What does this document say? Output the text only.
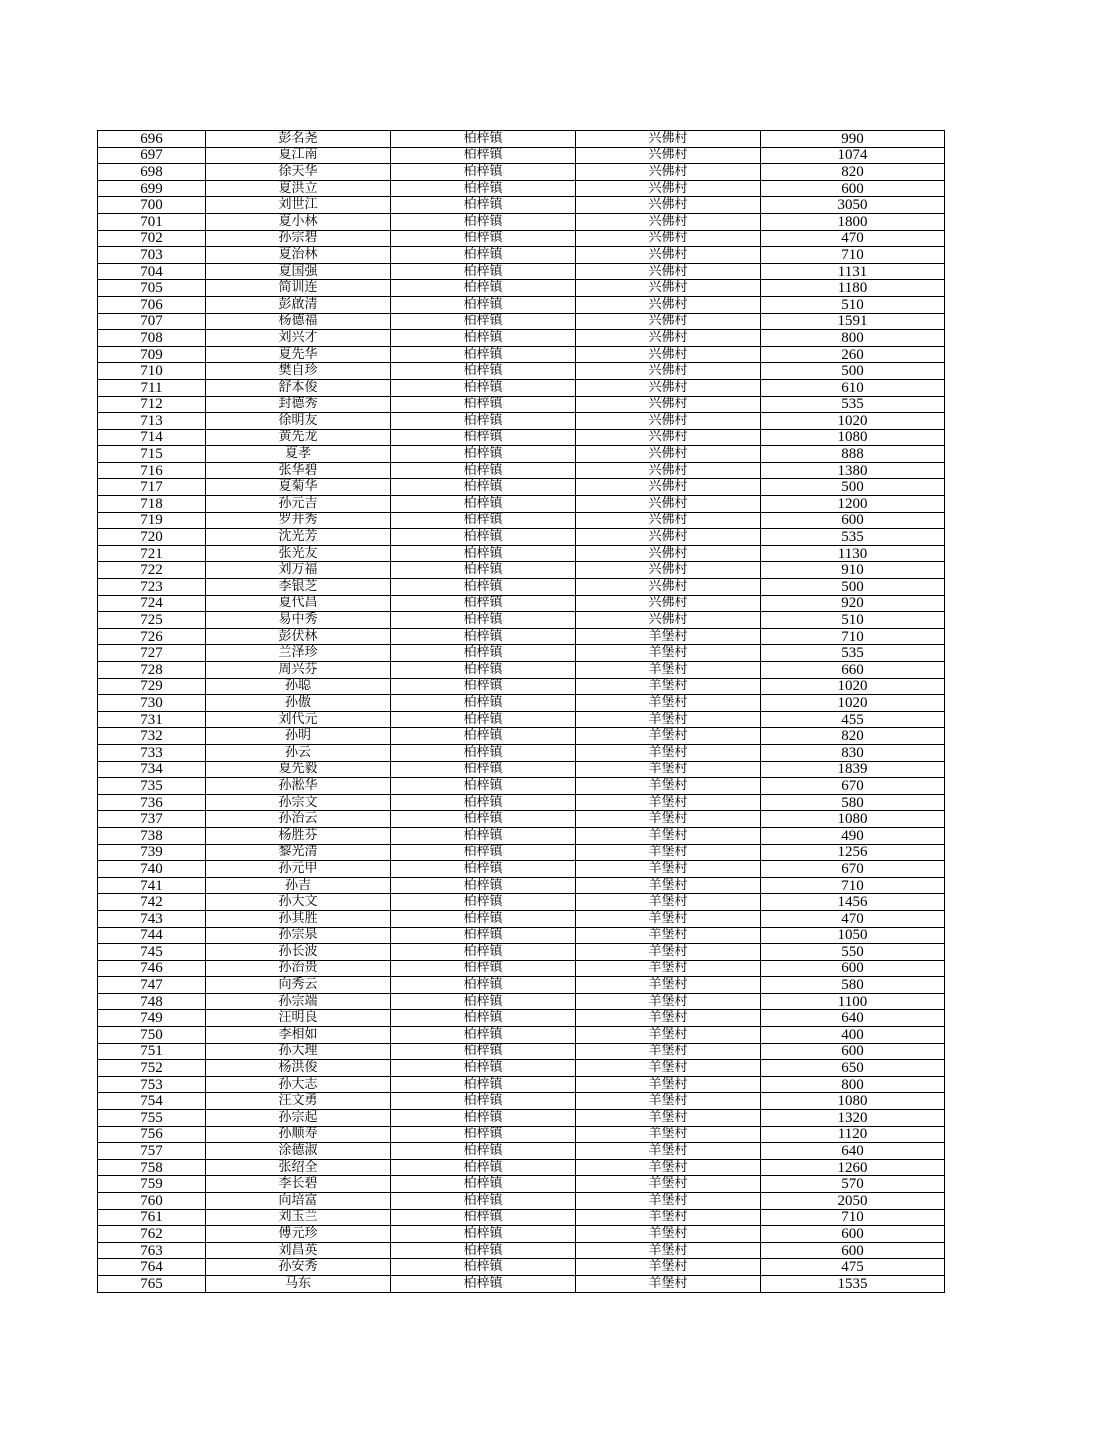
696	彭名尧	柏梓镇	兴佛村	990
697	夏江南	柏梓镇	兴佛村	1074
698	徐天华	柏梓镇	兴佛村	820
699	夏洪立	柏梓镇	兴佛村	600
700	刘世江	柏梓镇	兴佛村	3050
701	夏小林	柏梓镇	兴佛村	1800
702	孙宗碧	柏梓镇	兴佛村	470
703	夏治林	柏梓镇	兴佛村	710
704	夏国强	柏梓镇	兴佛村	1131
705	简训连	柏梓镇	兴佛村	1180
706	彭啟清	柏梓镇	兴佛村	510
707	杨德福	柏梓镇	兴佛村	1591
708	刘兴才	柏梓镇	兴佛村	800
709	夏先华	柏梓镇	兴佛村	260
710	樊自珍	柏梓镇	兴佛村	500
711	舒本俊	柏梓镇	兴佛村	610
712	封德秀	柏梓镇	兴佛村	535
713	徐明友	柏梓镇	兴佛村	1020
714	黄先龙	柏梓镇	兴佛村	1080
715	夏孝	柏梓镇	兴佛村	888
716	张华碧	柏梓镇	兴佛村	1380
717	夏菊华	柏梓镇	兴佛村	500
718	孙元吉	柏梓镇	兴佛村	1200
719	罗井秀	柏梓镇	兴佛村	600
720	沈光芳	柏梓镇	兴佛村	535
721	张光友	柏梓镇	兴佛村	1130
722	刘万福	柏梓镇	兴佛村	910
723	李银芝	柏梓镇	兴佛村	500
724	夏代昌	柏梓镇	兴佛村	920
725	易中秀	柏梓镇	兴佛村	510
726	彭伏林	柏梓镇	羊堡村	710
727	兰泽珍	柏梓镇	羊堡村	535
728	周兴芬	柏梓镇	羊堡村	660
729	孙聪	柏梓镇	羊堡村	1020
730	孙傲	柏梓镇	羊堡村	1020
731	刘代元	柏梓镇	羊堡村	455
732	孙明	柏梓镇	羊堡村	820
733	孙云	柏梓镇	羊堡村	830
734	夏先毅	柏梓镇	羊堡村	1839
735	孙淞华	柏梓镇	羊堡村	670
736	孙宗文	柏梓镇	羊堡村	580
737	孙治云	柏梓镇	羊堡村	1080
738	杨胜芬	柏梓镇	羊堡村	490
739	黎光清	柏梓镇	羊堡村	1256
740	孙元甲	柏梓镇	羊堡村	670
741	孙吉	柏梓镇	羊堡村	710
742	孙大文	柏梓镇	羊堡村	1456
743	孙其胜	柏梓镇	羊堡村	470
744	孙宗泉	柏梓镇	羊堡村	1050
745	孙长波	柏梓镇	羊堡村	550
746	孙治贵	柏梓镇	羊堡村	600
747	向秀云	柏梓镇	羊堡村	580
748	孙宗端	柏梓镇	羊堡村	1100
749	汪明良	柏梓镇	羊堡村	640
750	李相如	柏梓镇	羊堡村	400
751	孙大理	柏梓镇	羊堡村	600
752	杨洪俊	柏梓镇	羊堡村	650
753	孙大志	柏梓镇	羊堡村	800
754	汪文勇	柏梓镇	羊堡村	1080
755	孙宗起	柏梓镇	羊堡村	1320
756	孙顺寿	柏梓镇	羊堡村	1120
757	涂德淑	柏梓镇	羊堡村	640
758	张绍全	柏梓镇	羊堡村	1260
759	李长碧	柏梓镇	羊堡村	570
760	向培富	柏梓镇	羊堡村	2050
761	刘玉兰	柏梓镇	羊堡村	710
762	傅元珍	柏梓镇	羊堡村	600
763	刘昌英	柏梓镇	羊堡村	600
764	孙安秀	柏梓镇	羊堡村	475
765	马东	柏梓镇	羊堡村	1535
